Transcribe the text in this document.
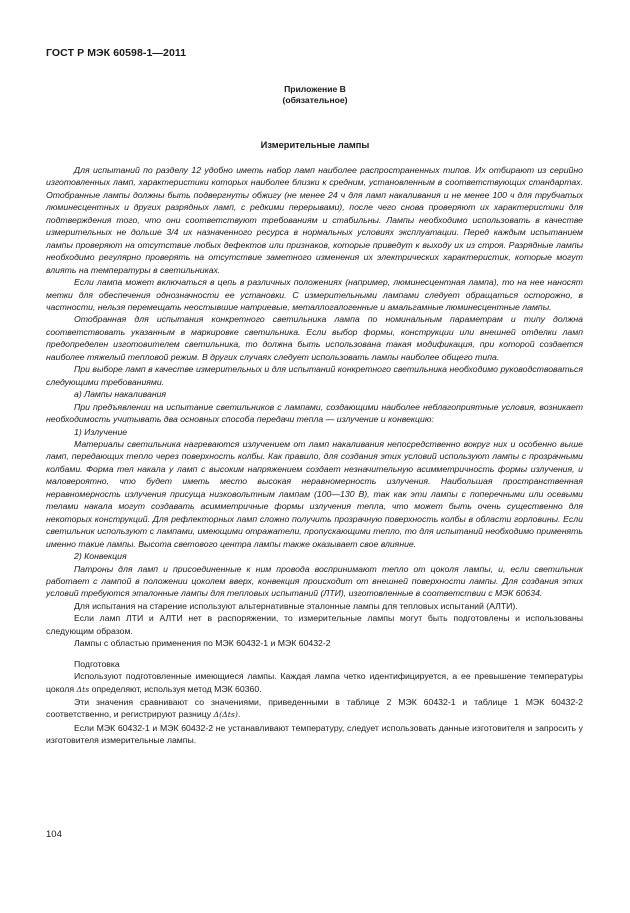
ГОСТ Р МЭК 60598-1—2011
Приложение В
(обязательное)
Измерительные лампы

Для испытаний по разделу 12 удобно иметь набор ламп наиболее распространенных типов. Их отбирают из серийно изготовленных ламп, характеристики которых наиболее близки к средним, установленным в соответствующих стандартах. Отобранные лампы должны быть подвергнуты обжигу (не менее 24 ч для ламп накаливания и не менее 100 ч для трубчатых люминесцентных и других разрядных ламп, с редкими перерывами), после чего снова проверяют их характеристики для подтверждения того, что они соответствуют требованиям и стабильны. Лампы необходимо использовать в качестве измерительных не дольше 3/4 их назначенного ресурса в нормальных условиях эксплуатации. Перед каждым испытанием лампы проверяют на отсутствие любых дефектов или признаков, которые приведут к выходу их из строя. Разрядные лампы необходимо регулярно проверять на отсутствие заметного изменения их электрических характеристик, которые могут влиять на температуры в светильниках.

Если лампа может включаться в цепь в различных положениях (например, люминесцентная лампа), то на нее наносят метки для обеспечения однозначности ее установки. С измерительными лампами следует обращаться осторожно, в частности, нельзя перемещать неостывшие натриевые, металлогалогенные и амальгамные люминесцентные лампы.

Отобранная для испытания конкретного светильника лампа по номинальным параметрам и типу должна соответствовать указанным в маркировке светильника. Если выбор формы, конструкции или внешней отделки ламп предопределен изготовителем светильника, то должна быть использована такая модификация, при которой создается наиболее тяжелый тепловой режим. В других случаях следует использовать лампы наиболее общего типа.

При выборе ламп в качестве измерительных и для испытаний конкретного светильника необходимо руководствоваться следующими требованиями.

а) Лампы накаливания

При предъявлении на испытание светильников с лампами, создающими наиболее неблагоприятные условия, возникает необходимость учитывать два основных способа передачи тепла — излучение и конвекцию:

1) Излучение

Материалы светильника нагреваются излучением от ламп накаливания непосредственно вокруг них и особенно выше ламп, передающих тепло через поверхность колбы. Как правило, для создания этих условий используют лампы с прозрачными колбами. Форма тел накала у ламп с высоким напряжением создает незначительную асимметричность формы излучения, и маловероятно, что будет иметь место высокая неравномерность излучения. Наибольшая пространственная неравномерность излучения присуща низковольтным лампам (100—130 В), так как эти лампы с поперечными или осевыми телами накала могут создавать асимметричные формы излучения тепла, что может быть очень существенно для некоторых конструкций. Для рефлекторных ламп сложно получить прозрачную поверхность колбы в области горловины. Если светильник используют с лампами, имеющими отражатели, пропускающими тепло, то для испытаний необходимо применять именно такие лампы. Высота светового центра лампы также оказывает свое влияние.

2) Конвекция

Патроны для ламп и присоединенные к ним провода воспринимают тепло от цоколя лампы, и, если светильник работает с лампой в положении цоколем вверх, конвекция происходит от внешней поверхности лампы. Для создания этих условий требуются эталонные лампы для тепловых испытаний (ЛТИ), изготовленные в соответствии с МЭК 60634.

Для испытания на старение используют альтернативные эталонные лампы для тепловых испытаний (АЛТИ).

Если ламп ЛТИ и АЛТИ нет в распоряжении, то измерительные лампы могут быть подготовлены и использованы следующим образом.

Лампы с областью применения по МЭК 60432-1 и МЭК 60432-2

Подготовка

Используют подготовленные имеющиеся лампы. Каждая лампа четко идентифицируется, а ее превышение температуры цоколя Δts определяют, используя метод МЭК 60360.

Эти значения сравнивают со значениями, приведенными в таблице 2 МЭК 60432-1 и таблице 1 МЭК 60432-2 соответственно, и регистрируют разницу Δ(Δts).

Если МЭК 60432-1 и МЭК 60432-2 не устанавливают температуру, следует использовать данные изготовителя и запросить у изготовителя измерительные лампы.

104
